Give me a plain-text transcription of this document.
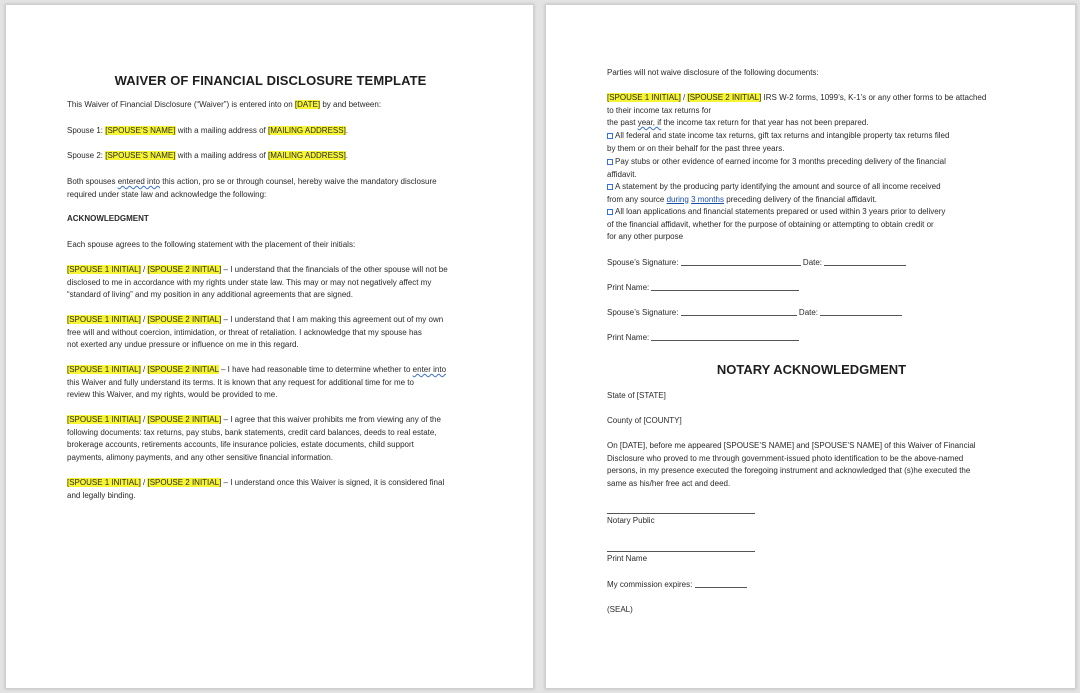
WAIVER OF FINANCIAL DISCLOSURE TEMPLATE
This Waiver of Financial Disclosure (“Waiver”) is entered into on [DATE] by and between:
Spouse 1: [SPOUSE’S NAME] with a mailing address of [MAILING ADDRESS].
Spouse 2: [SPOUSE’S NAME] with a mailing address of [MAILING ADDRESS].
Both spouses entered into this action, pro se or through counsel, hereby waive the mandatory disclosure
required under state law and acknowledge the following:
ACKNOWLEDGMENT
Each spouse agrees to the following statement with the placement of their initials:
[SPOUSE 1 INITIAL] / [SPOUSE 2 INITIAL] – I understand that the financials of the other spouse will not be
disclosed to me in accordance with my rights under state law. This may or may not negatively affect my
“standard of living” and my position in any additional agreements that are signed.
[SPOUSE 1 INITIAL] / [SPOUSE 2 INITIAL] – I understand that I am making this agreement out of my own
free will and without coercion, intimidation, or threat of retaliation. I acknowledge that my spouse has
not exerted any undue pressure or influence on me in this regard.
[SPOUSE 1 INITIAL] / [SPOUSE 2 INITIAL – I have had reasonable time to determine whether to enter into
this Waiver and fully understand its terms. It is known that any request for additional time for me to
review this Waiver, and my rights, would be provided to me.
[SPOUSE 1 INITIAL] / [SPOUSE 2 INITIAL] – I agree that this waiver prohibits me from viewing any of the
following documents: tax returns, pay stubs, bank statements, credit card balances, deeds to real estate,
brokerage accounts, retirements accounts, life insurance policies, estate documents, child support
payments, alimony payments, and any other sensitive financial information.
[SPOUSE 1 INITIAL] / [SPOUSE 2 INITIAL] – I understand once this Waiver is signed, it is considered final
and legally binding.
Parties will not waive disclosure of the following documents:
[SPOUSE 1 INITIAL] / [SPOUSE 2 INITIAL] IRS W-2 forms, 1099’s, K-1’s or any other forms to be attached
to their income tax returns for
the past year, if the income tax return for that year has not been prepared.
All federal and state income tax returns, gift tax returns and intangible property tax returns filed
by them or on their behalf for the past three years.
Pay stubs or other evidence of earned income for 3 months preceding delivery of the financial
affidavit.
A statement by the producing party identifying the amount and source of all income received
from any source during 3 months preceding delivery of the financial affidavit.
All loan applications and financial statements prepared or used within 3 years prior to delivery
of the financial affidavit, whether for the purpose of obtaining or attempting to obtain credit or
for any other purpose
Spouse’s Signature:	Date:
Print Name:
Spouse’s Signature:	Date:
Print Name:
NOTARY ACKNOWLEDGMENT
State of [STATE]
County of [COUNTY]
On [DATE], before me appeared [SPOUSE’S NAME] and [SPOUSE’S NAME] of this Waiver of Financial
Disclosure who proved to me through government-issued photo identification to be the above-named
persons, in my presence executed the foregoing instrument and acknowledged that (s)he executed the
same as his/her free act and deed.
Notary Public
Print Name
My commission expires:
(SEAL)
